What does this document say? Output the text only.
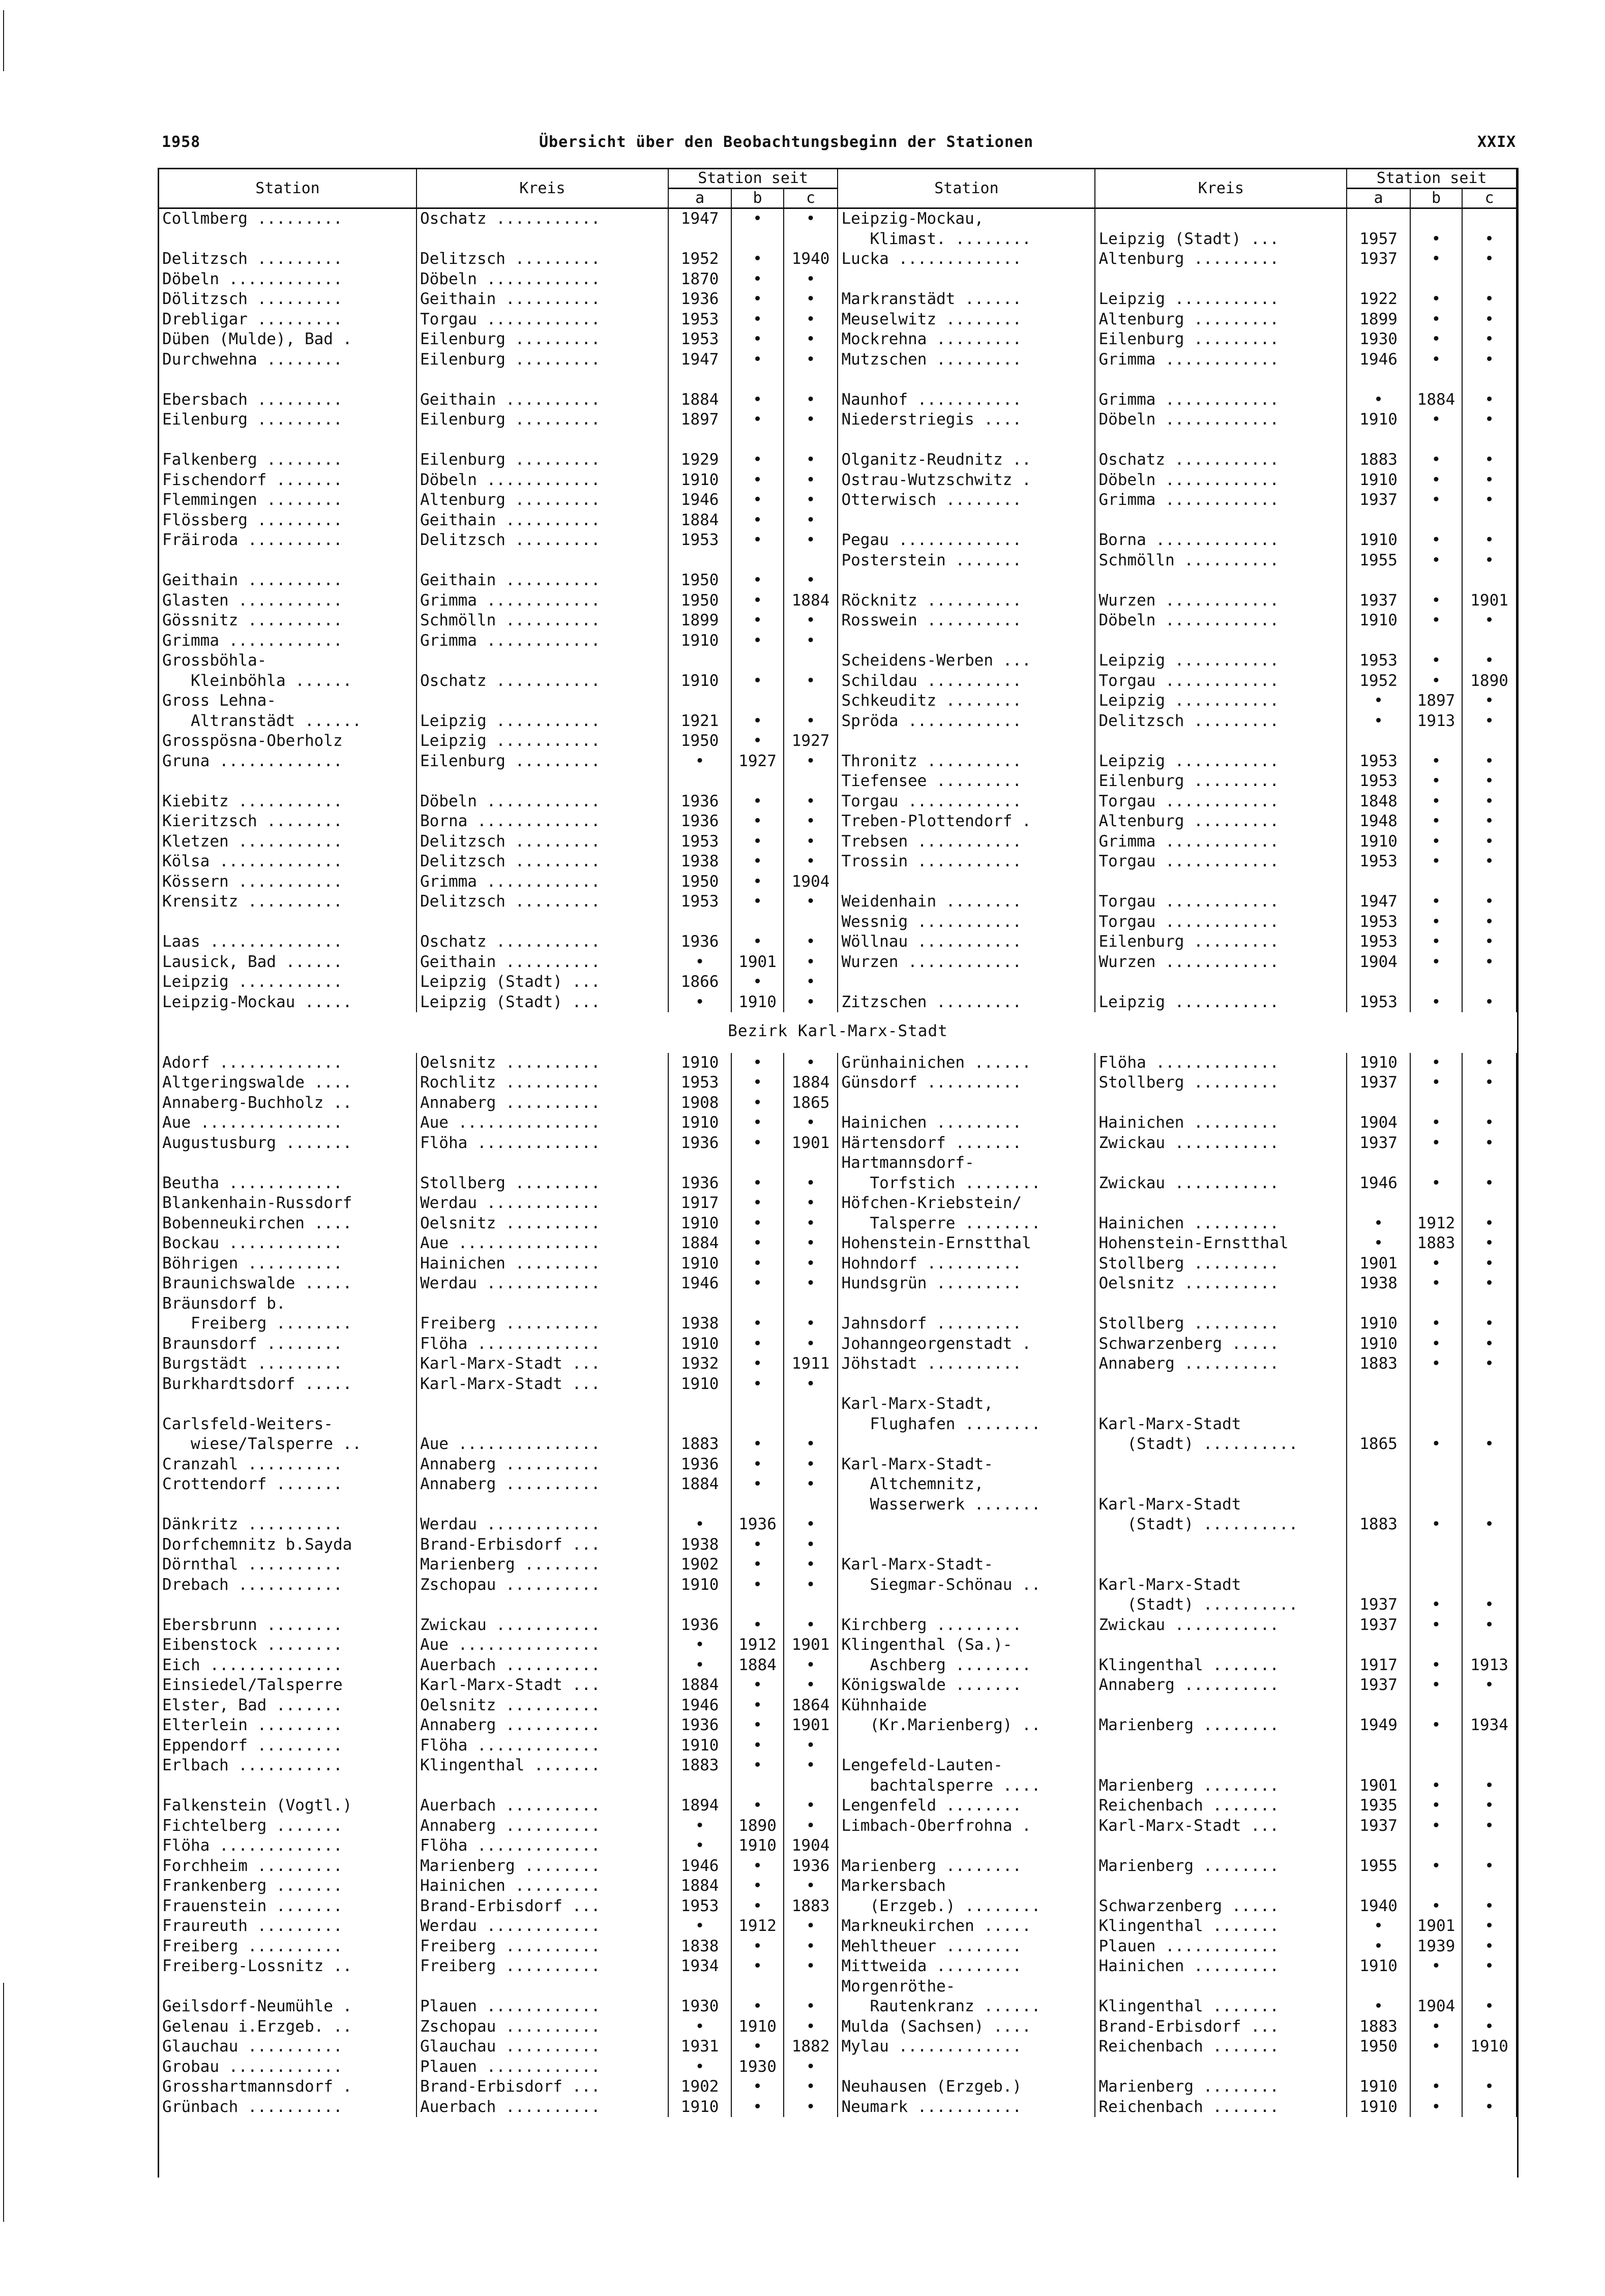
1958	Übersicht über den Beobachtungsbeginn der Stationen	XXIX
Station	Kreis	Station seit			Station	Kreis	Station seit		
		a	b	c			a	b	c
Collmberg .........	Oschatz ...........	1947	•	•	Leipzig-Mockau,				
					Klimast. ........	Leipzig (Stadt) ...	1957	•	•
Delitzsch .........	Delitzsch .........	1952	•	1940	Lucka .............	Altenburg .........	1937	•	•
Döbeln ............	Döbeln ............	1870	•	•					
Dölitzsch .........	Geithain ..........	1936	•	•	Markranstädt ......	Leipzig ...........	1922	•	•
Drebligar .........	Torgau ............	1953	•	•	Meuselwitz ........	Altenburg .........	1899	•	•
Düben (Mulde), Bad .	Eilenburg .........	1953	•	•	Mockrehna .........	Eilenburg .........	1930	•	•
Durchwehna ........	Eilenburg .........	1947	•	•	Mutzschen .........	Grimma ............	1946	•	•

Ebersbach .........	Geithain ..........	1884	•	•	Naunhof ...........	Grimma ............	•	1884	•
Eilenburg .........	Eilenburg .........	1897	•	•	Niederstriegis ....	Döbeln ............	1910	•	•

Falkenberg ........	Eilenburg .........	1929	•	•	Olganitz-Reudnitz ..	Oschatz ...........	1883	•	•
Fischendorf .......	Döbeln ............	1910	•	•	Ostrau-Wutzschwitz .	Döbeln ............	1910	•	•
Flemmingen ........	Altenburg .........	1946	•	•	Otterwisch ........	Grimma ............	1937	•	•
Flössberg .........	Geithain ..........	1884	•	•					
Fräiroda ..........	Delitzsch .........	1953	•	•	Pegau .............	Borna .............	1910	•	•
					Posterstein .......	Schmölln ..........	1955	•	•
Geithain ..........	Geithain ..........	1950	•	•					
Glasten ...........	Grimma ............	1950	•	1884	Röcknitz ..........	Wurzen ............	1937	•	1901
Gössnitz ..........	Schmölln ..........	1899	•	•	Rosswein ..........	Döbeln ............	1910	•	•
Grimma ............	Grimma ............	1910	•	•					
Grossböhla-					Scheidens-Werben ...	Leipzig ...........	1953	•	•
Kleinböhla ......	Oschatz ...........	1910	•	•	Schildau ..........	Torgau ............	1952	•	1890
Gross Lehna-					Schkeuditz ........	Leipzig ...........	•	1897	•
Altranstädt ......	Leipzig ...........	1921	•	•	Spröda ............	Delitzsch .........	•	1913	•
Grosspösna-Oberholz	Leipzig ...........	1950	•	1927					
Gruna .............	Eilenburg .........	•	1927	•	Thronitz ..........	Leipzig ...........	1953	•	•
					Tiefensee .........	Eilenburg .........	1953	•	•
Kiebitz ...........	Döbeln ............	1936	•	•	Torgau ............	Torgau ............	1848	•	•
Kieritzsch ........	Borna .............	1936	•	•	Treben-Plottendorf .	Altenburg .........	1948	•	•
Kletzen ...........	Delitzsch .........	1953	•	•	Trebsen ...........	Grimma ............	1910	•	•
Kölsa .............	Delitzsch .........	1938	•	•	Trossin ...........	Torgau ............	1953	•	•
Kössern ...........	Grimma ............	1950	•	1904					
Krensitz ..........	Delitzsch .........	1953	•	•	Weidenhain ........	Torgau ............	1947	•	•
					Wessnig ...........	Torgau ............	1953	•	•
Laas ..............	Oschatz ...........	1936	•	•	Wöllnau ...........	Eilenburg .........	1953	•	•
Lausick, Bad ......	Geithain ..........	•	1901	•	Wurzen ............	Wurzen ............	1904	•	•
Leipzig ...........	Leipzig (Stadt) ...	1866	•	•					
Leipzig-Mockau .....	Leipzig (Stadt) ...	•	1910	•	Zitzschen .........	Leipzig ...........	1953	•	•
Bezirk Karl-Marx-Stadt									
Adorf .............	Oelsnitz ..........	1910	•	•	Grünhainichen ......	Flöha .............	1910	•	•
Altgeringswalde ....	Rochlitz ..........	1953	•	1884	Günsdorf ..........	Stollberg .........	1937	•	•
Annaberg-Buchholz ..	Annaberg ..........	1908	•	1865					
Aue ...............	Aue ...............	1910	•	•	Hainichen .........	Hainichen .........	1904	•	•
Augustusburg .......	Flöha .............	1936	•	1901	Härtensdorf .......	Zwickau ...........	1937	•	•
					Hartmannsdorf-				
Beutha ............	Stollberg .........	1936	•	•	Torfstich ........	Zwickau ...........	1946	•	•
Blankenhain-Russdorf	Werdau ............	1917	•	•	Höfchen-Kriebstein/				
Bobenneukirchen ....	Oelsnitz ..........	1910	•	•	Talsperre ........	Hainichen .........	•	1912	•
Bockau ............	Aue ...............	1884	•	•	Hohenstein-Ernstthal	Hohenstein-Ernstthal	•	1883	•
Böhrigen ..........	Hainichen .........	1910	•	•	Hohndorf ..........	Stollberg .........	1901	•	•
Braunichswalde .....	Werdau ............	1946	•	•	Hundsgrün .........	Oelsnitz ..........	1938	•	•
Bräunsdorf b.									
Freiberg ........	Freiberg ..........	1938	•	•	Jahnsdorf .........	Stollberg .........	1910	•	•
Braunsdorf ........	Flöha .............	1910	•	•	Johanngeorgenstadt .	Schwarzenberg .....	1910	•	•
Burgstädt .........	Karl-Marx-Stadt ...	1932	•	1911	Jöhstadt ..........	Annaberg ..........	1883	•	•
Burkhardtsdorf .....	Karl-Marx-Stadt ...	1910	•	•					
					Karl-Marx-Stadt,				
Carlsfeld-Weiters-					Flughafen ........	Karl-Marx-Stadt			
wiese/Talsperre ..	Aue ...............	1883	•	•		(Stadt) ..........	1865	•	•
Cranzahl ..........	Annaberg ..........	1936	•	•	Karl-Marx-Stadt-				
Crottendorf .......	Annaberg ..........	1884	•	•	Altchemnitz,				
					Wasserwerk .......	Karl-Marx-Stadt			
Dänkritz ..........	Werdau ............	•	1936	•		(Stadt) ..........	1883	•	•
Dorfchemnitz b.Sayda	Brand-Erbisdorf ...	1938	•	•					
Dörnthal ..........	Marienberg ........	1902	•	•	Karl-Marx-Stadt-				
Drebach ...........	Zschopau ..........	1910	•	•	Siegmar-Schönau ..	Karl-Marx-Stadt			
						(Stadt) ..........	1937	•	•
Ebersbrunn ........	Zwickau ...........	1936	•	•	Kirchberg .........	Zwickau ...........	1937	•	•
Eibenstock ........	Aue ...............	•	1912	1901	Klingenthal (Sa.)-				
Eich ..............	Auerbach ..........	•	1884	•	Aschberg ........	Klingenthal .......	1917	•	1913
Einsiedel/Talsperre	Karl-Marx-Stadt ...	1884	•	•	Königswalde .......	Annaberg ..........	1937	•	•
Elster, Bad .......	Oelsnitz ..........	1946	•	1864	Kühnhaide				
Elterlein .........	Annaberg ..........	1936	•	1901	(Kr.Marienberg) ..	Marienberg ........	1949	•	1934
Eppendorf .........	Flöha .............	1910	•	•					
Erlbach ...........	Klingenthal .......	1883	•	•	Lengefeld-Lauten-				
					bachtalsperre ....	Marienberg ........	1901	•	•
Falkenstein (Vogtl.)	Auerbach ..........	1894	•	•	Lengenfeld ........	Reichenbach .......	1935	•	•
Fichtelberg .......	Annaberg ..........	•	1890	•	Limbach-Oberfrohna .	Karl-Marx-Stadt ...	1937	•	•
Flöha .............	Flöha .............	•	1910	1904					
Forchheim .........	Marienberg ........	1946	•	1936	Marienberg ........	Marienberg ........	1955	•	•
Frankenberg .......	Hainichen .........	1884	•	•	Markersbach				
Frauenstein .......	Brand-Erbisdorf ...	1953	•	1883	(Erzgeb.) ........	Schwarzenberg .....	1940	•	•
Fraureuth .........	Werdau ............	•	1912	•	Markneukirchen .....	Klingenthal .......	•	1901	•
Freiberg ..........	Freiberg ..........	1838	•	•	Mehltheuer ........	Plauen ............	•	1939	•
Freiberg-Lossnitz ..	Freiberg ..........	1934	•	•	Mittweida .........	Hainichen .........	1910	•	•
					Morgenröthe-				
Geilsdorf-Neumühle .	Plauen ............	1930	•	•	Rautenkranz ......	Klingenthal .......	•	1904	•
Gelenau i.Erzgeb. ..	Zschopau ..........	•	1910	•	Mulda (Sachsen) ....	Brand-Erbisdorf ...	1883	•	•
Glauchau ..........	Glauchau ..........	1931	•	1882	Mylau .............	Reichenbach .......	1950	•	1910
Grobau ............	Plauen ............	•	1930	•					
Grosshartmannsdorf .	Brand-Erbisdorf ...	1902	•	•	Neuhausen (Erzgeb.)	Marienberg ........	1910	•	•
Grünbach ..........	Auerbach ..........	1910	•	•	Neumark ...........	Reichenbach .......	1910	•	•
